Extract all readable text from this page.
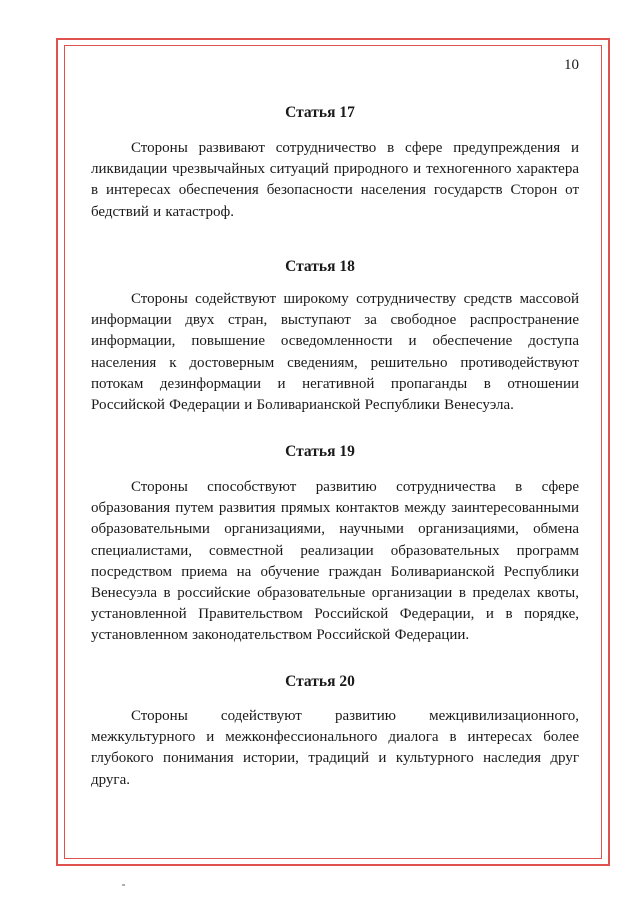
10
Статья 17

Стороны развивают сотрудничество в сфере предупреждения и ликвидации чрезвычайных ситуаций природного и техногенного характера в интересах обеспечения безопасности населения государств Сторон от бедствий и катастроф.

Статья 18

Стороны содействуют широкому сотрудничеству средств массовой информации двух стран, выступают за свободное распространение информации, повышение осведомленности и обеспечение доступа населения к достоверным сведениям, решительно противодействуют потокам дезинформации и негативной пропаганды в отношении Российской Федерации и Боливарианской Республики Венесуэла.

Статья 19

Стороны способствуют развитию сотрудничества в сфере образования путем развития прямых контактов между заинтересованными образовательными организациями, научными организациями, обмена специалистами, совместной реализации образовательных программ посредством приема на обучение граждан Боливарианской Республики Венесуэла в российские образовательные организации в пределах квоты, установленной Правительством Российской Федерации, и в порядке, установленном законодательством Российской Федерации.

Статья 20

Стороны содействуют развитию межцивилизационного, межкультурного и межконфессионального диалога в интересах более глубокого понимания истории, традиций и культурного наследия друг друга.
